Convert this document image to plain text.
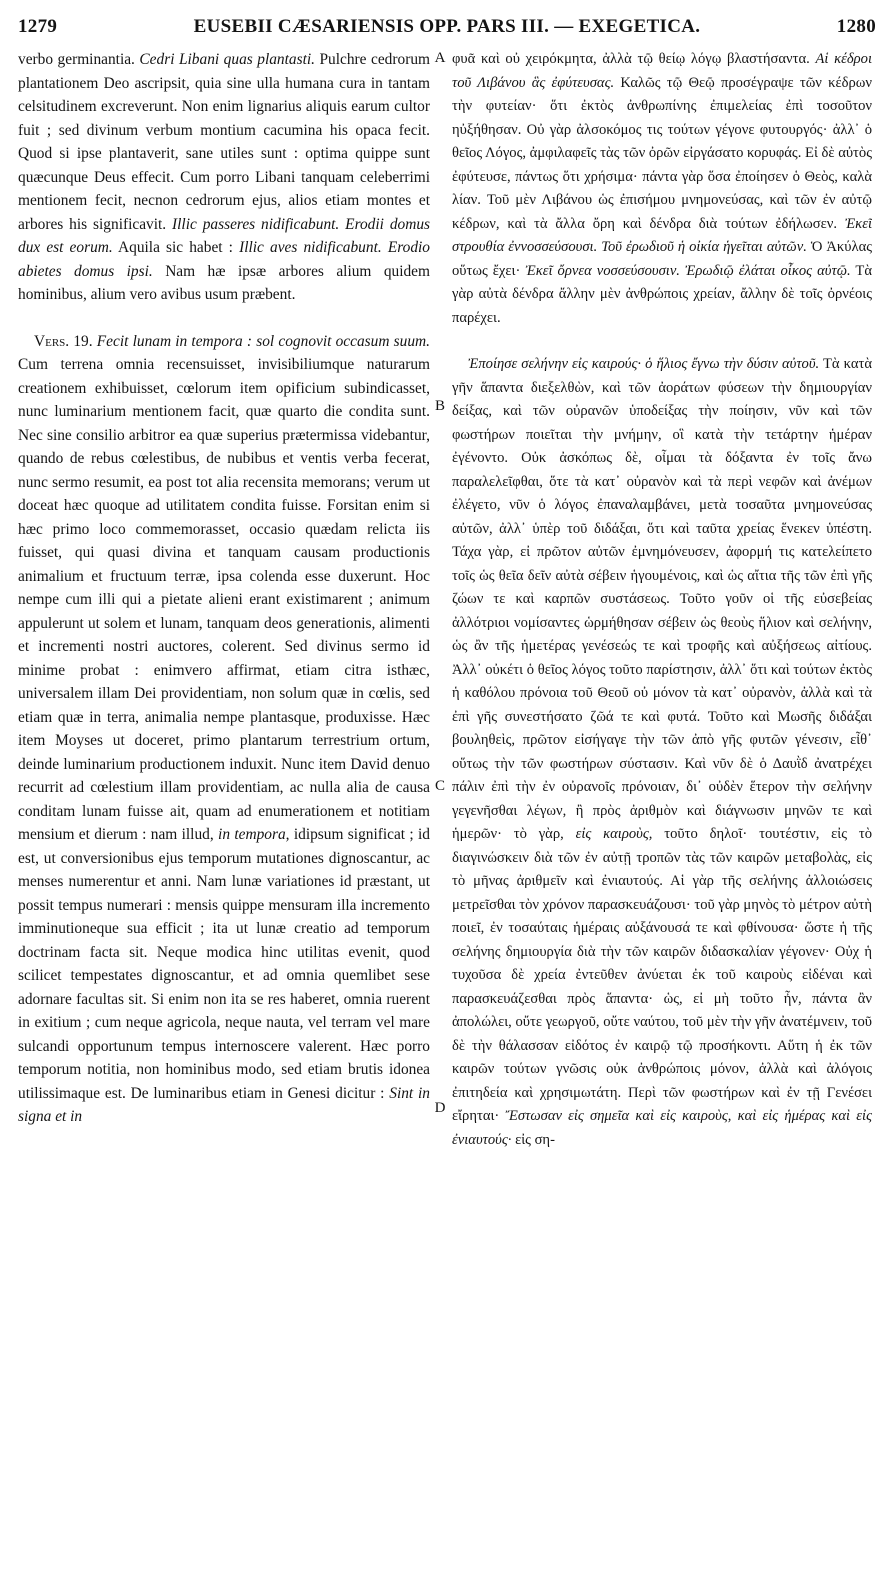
1279	EUSEBII CÆSARIENSIS OPP. PARS III. — EXEGETICA.	1280
A
B
C
D

verbo germinantia. Cedri Libani quas plantasti. Pulchre cedrorum plantationem Deo ascripsit, quia sine ulla humana cura in tantam celsitudinem excreverunt. Non enim lignarius aliquis earum cultor fuit ; sed divinum verbum montium cacumina his opaca fecit. Quod si ipse plantaverit, sane utiles sunt : optima quippe sunt quæcunque Deus effecit. Cum porro Libani tanquam celeberrimi mentionem fecit, necnon cedrorum ejus, alios etiam montes et arbores his significavit. Illic passeres nidificabunt. Erodii domus dux est eorum. Aquila sic habet : Illic aves nidificabunt. Erodio abietes domus ipsi. Nam hæ ipsæ arbores alium quidem hominibus, alium vero avibus usum præbent.

Vers. 19. Fecit lunam in tempora : sol cognovit occasum suum. Cum terrena omnia recensuisset, invisibiliumque naturarum creationem exhibuisset, cœlorum item opificium subindicasset, nunc luminarium mentionem facit, quæ quarto die condita sunt. Nec sine consilio arbitror ea quæ superius prætermissa videbantur, quando de rebus cœlestibus, de nubibus et ventis verba fecerat, nunc sermo resumit, ea post tot alia recensita memorans; verum ut doceat hæc quoque ad utilitatem condita fuisse. Forsitan enim si hæc primo loco commemorasset, occasio quædam relicta iis fuisset, qui quasi divina et tanquam causam productionis animalium et fructuum terræ, ipsa colenda esse duxerunt. Hoc nempe cum illi qui a pietate alieni erant existimarent ; animum appulerunt ut solem et lunam, tanquam deos generationis, alimenti et incrementi nostri auctores, colerent. Sed divinus sermo id minime probat : enimvero affirmat, etiam citra isthæc, universalem illam Dei providentiam, non solum quæ in cœlis, sed etiam quæ in terra, animalia nempe plantasque, produxisse. Hæc item Moyses ut doceret, primo plantarum terrestrium ortum, deinde luminarium productionem induxit. Nunc item David denuo recurrit ad cœlestium illam providentiam, ac nulla alia de causa conditam lunam fuisse ait, quam ad enumerationem et notitiam mensium et dierum : nam illud, in tempora, idipsum significat ; id est, ut conversionibus ejus temporum mutationes dignoscantur, ac menses numerentur et anni. Nam lunæ variationes id præstant, ut possit tempus numerari : mensis quippe mensuram illa incremento imminutioneque sua efficit ; ita ut lunæ creatio ad temporum doctrinam facta sit. Neque modica hinc utilitas evenit, quod scilicet tempestates dignoscantur, et ad omnia quemlibet sese adornare facultas sit. Si enim non ita se res haberet, omnia ruerent in exitium ; cum neque agricola, neque nauta, vel terram vel mare sulcandi opportunum tempus internoscere valerent. Hæc porro temporum notitia, non hominibus modo, sed etiam brutis idonea utilissimaque est. De luminaribus etiam in Genesi dicitur : Sint in signa et in

φυᾶ καὶ οὐ χειρόκμητα, ἀλλὰ τῷ θείῳ λόγῳ βλαστήσαντα. Αἱ κέδροι τοῦ Λιβάνου ἃς ἐφύτευσας. Καλῶς τῷ Θεῷ προσέγραψε τῶν κέδρων τὴν φυτείαν· ὅτι ἐκτὸς ἀνθρωπίνης ἐπιμελείας ἐπὶ τοσοῦτον ηὐξήθησαν. Οὐ γὰρ ἀλσοκόμος τις τούτων γέγονε φυτουργός· ἀλλ᾽ ὁ θεῖος Λόγος, ἀμφιλαφεῖς τὰς τῶν ὀρῶν εἰργάσατο κορυφάς. Εἰ δὲ αὐτὸς ἐφύτευσε, πάντως ὅτι χρήσιμα· πάντα γὰρ ὅσα ἐποίησεν ὁ Θεὸς, καλὰ λίαν. Τοῦ μὲν Λιβάνου ὡς ἐπισήμου μνημονεύσας, καὶ τῶν ἐν αὐτῷ κέδρων, καὶ τὰ ἄλλα ὄρη καὶ δένδρα διὰ τούτων ἐδήλωσεν. Ἐκεῖ στρουθία ἐννοσσεύσουσι. Τοῦ ἐρωδιοῦ ἡ οἰκία ἡγεῖται αὐτῶν. Ὁ Ἀκύλας οὕτως ἔχει· Ἐκεῖ ὄρνεα νοσσεύσουσιν. Ἐρωδιῷ ἐλάται οἶκος αὐτῷ. Τὰ γὰρ αὐτὰ δένδρα ἄλλην μὲν ἀνθρώποις χρείαν, ἄλλην δὲ τοῖς ὀρνέοις παρέχει.

Ἐποίησε σελήνην εἰς καιρούς· ὁ ἥλιος ἔγνω τὴν δύσιν αὐτοῦ. Τὰ κατὰ γῆν ἅπαντα διεξελθὼν, καὶ τῶν ἀοράτων φύσεων τὴν δημιουργίαν δείξας, καὶ τῶν οὐρανῶν ὑποδείξας τὴν ποίησιν, νῦν καὶ τῶν φωστήρων ποιεῖται τὴν μνήμην, οἳ κατὰ τὴν τετάρτην ἡμέραν ἐγένοντο. Οὐκ ἀσκόπως δὲ, οἶμαι τὰ δόξαντα ἐν τοῖς ἄνω παραλελεῖφθαι, ὅτε τὰ κατ᾽ οὐρανὸν καὶ τὰ περὶ νεφῶν καὶ ἀνέμων ἐλέγετο, νῦν ὁ λόγος ἐπαναλαμβάνει, μετὰ τοσαῦτα μνημονεύσας αὐτῶν, ἀλλ᾽ ὑπὲρ τοῦ διδάξαι, ὅτι καὶ ταῦτα χρείας ἕνεκεν ὑπέστη. Τάχα γὰρ, εἰ πρῶτον αὐτῶν ἐμνημόνευσεν, ἀφορμή τις κατελείπετο τοῖς ὡς θεῖα δεῖν αὐτὰ σέβειν ἡγουμένοις, καὶ ὡς αἴτια τῆς τῶν ἐπὶ γῆς ζώων τε καὶ καρπῶν συστάσεως. Τοῦτο γοῦν οἱ τῆς εὐσεβείας ἀλλότριοι νομίσαντες ὡρμήθησαν σέβειν ὡς θεοὺς ἥλιον καὶ σελήνην, ὡς ἂν τῆς ἡμετέρας γενέσεώς τε καὶ τροφῆς καὶ αὐξήσεως αἰτίους. Ἀλλ᾽ οὐκέτι ὁ θεῖος λόγος τοῦτο παρίστησιν, ἀλλ᾽ ὅτι καὶ τούτων ἐκτὸς ἡ καθόλου πρόνοια τοῦ Θεοῦ οὐ μόνον τὰ κατ᾽ οὐρανὸν, ἀλλὰ καὶ τὰ ἐπὶ γῆς συνεστήσατο ζῶά τε καὶ φυτά. Τοῦτο καὶ Μωσῆς διδάξαι βουληθεὶς, πρῶτον εἰσήγαγε τὴν τῶν ἀπὸ γῆς φυτῶν γένεσιν, εἶθ᾽ οὕτως τὴν τῶν φωστήρων σύστασιν. Καὶ νῦν δὲ ὁ Δαυῒδ ἀνατρέχει πάλιν ἐπὶ τὴν ἐν οὐρανοῖς πρόνοιαν, δι᾽ οὐδὲν ἕτερον τὴν σελήνην γεγενῆσθαι λέγων, ἢ πρὸς ἀριθμὸν καὶ διάγνωσιν μηνῶν τε καὶ ἡμερῶν· τὸ γὰρ, εἰς καιροὺς, τοῦτο δηλοῖ· τουτέστιν, εἰς τὸ διαγινώσκειν διὰ τῶν ἐν αὐτῇ τροπῶν τὰς τῶν καιρῶν μεταβολὰς, εἰς τὸ μῆνας ἀριθμεῖν καὶ ἐνιαυτούς. Αἱ γὰρ τῆς σελήνης ἀλλοιώσεις μετρεῖσθαι τὸν χρόνον παρασκευάζουσι· τοῦ γὰρ μηνὸς τὸ μέτρον αὐτὴ ποιεῖ, ἐν τοσαύταις ἡμέραις αὐξάνουσά τε καὶ φθίνουσα· ὥστε ἡ τῆς σελήνης δημιουργία διὰ τὴν τῶν καιρῶν διδασκαλίαν γέγονεν· Οὐχ ἡ τυχοῦσα δὲ χρεία ἐντεῦθεν ἀνύεται ἐκ τοῦ καιροὺς εἰδέναι καὶ παρασκευάζεσθαι πρὸς ἅπαντα· ὡς, εἰ μὴ τοῦτο ἦν, πάντα ἂν ἀπολώλει, οὔτε γεωργοῦ, οὔτε ναύτου, τοῦ μὲν τὴν γῆν ἀνατέμνειν, τοῦ δὲ τὴν θάλασσαν εἰδότος ἐν καιρῷ τῷ προσήκοντι. Αὕτη ἡ ἐκ τῶν καιρῶν τούτων γνῶσις οὐκ ἀνθρώποις μόνον, ἀλλὰ καὶ ἀλόγοις ἐπιτηδεία καὶ χρησιμωτάτη. Περὶ τῶν φωστήρων καὶ ἐν τῇ Γενέσει εἴρηται· Ἔστωσαν εἰς σημεῖα καὶ εἰς καιροὺς, καὶ εἰς ἡμέρας καὶ εἰς ἐνιαυτούς· εἰς ση-
